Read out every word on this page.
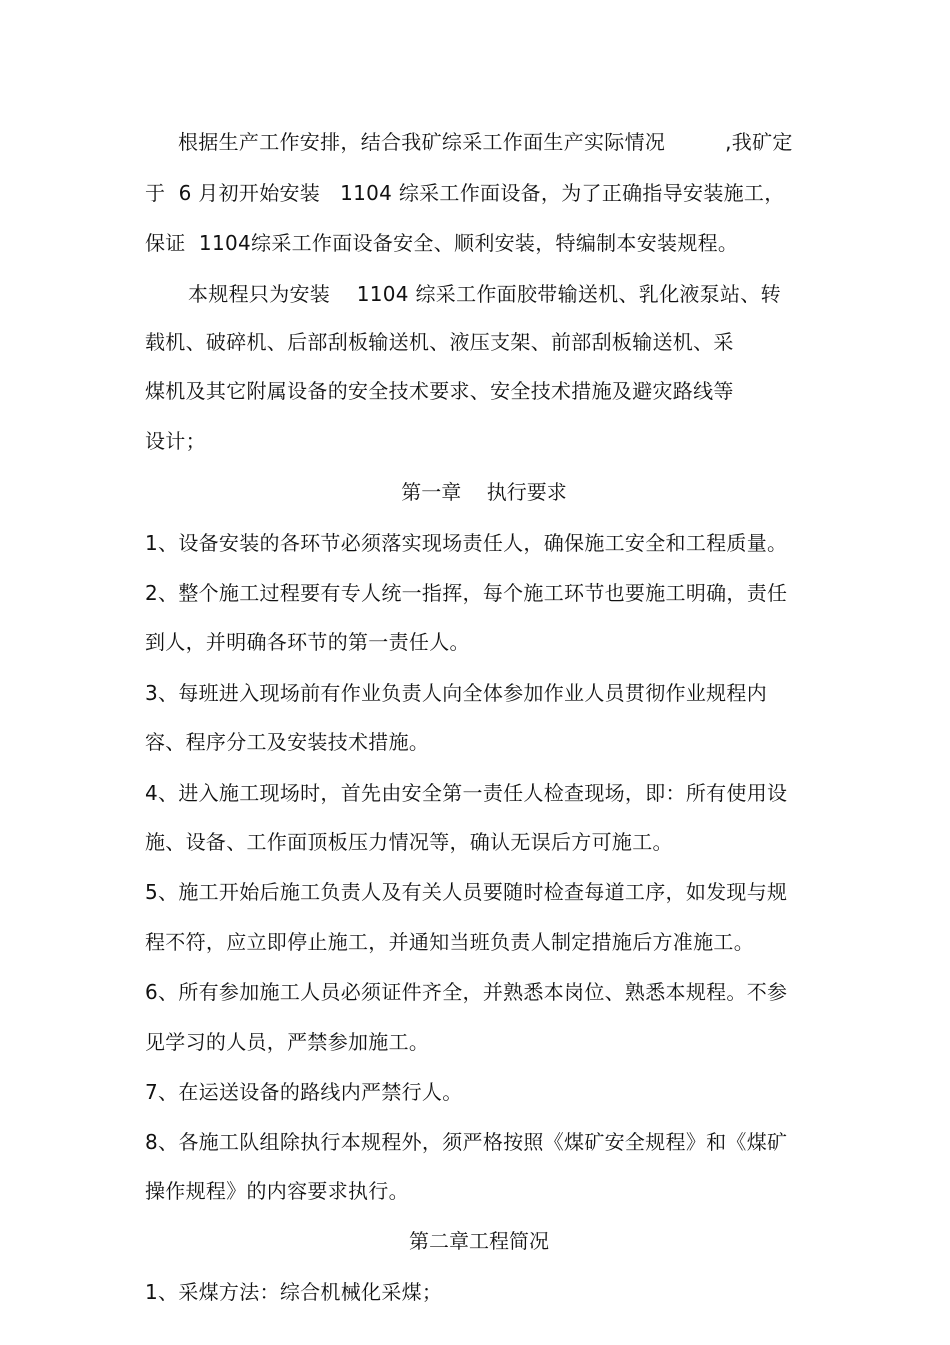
根据生产工作安排，结合我矿综采工作面生产实际情况         ,我矿定
于  6 月初开始安装   1104 综采工作面设备，为了正确指导安装施工，
保证  1104综采工作面设备安全、顺利安装，特编制本安装规程。
本规程只为安装    1104 综采工作面胶带输送机、乳化液泵站、转
载机、破碎机、后部刮板输送机、液压支架、前部刮板输送机、采
煤机及其它附属设备的安全技术要求、安全技术措施及避灾路线等
设计；
第一章    执行要求
1、设备安装的各环节必须落实现场责任人，确保施工安全和工程质量。
2、整个施工过程要有专人统一指挥，每个施工环节也要施工明确，责任
到人，并明确各环节的第一责任人。
3、每班进入现场前有作业负责人向全体参加作业人员贯彻作业规程内
容、程序分工及安装技术措施。
4、进入施工现场时，首先由安全第一责任人检查现场，即：所有使用设
施、设备、工作面顶板压力情况等，确认无误后方可施工。
5、施工开始后施工负责人及有关人员要随时检查每道工序，如发现与规
程不符，应立即停止施工，并通知当班负责人制定措施后方准施工。
6、所有参加施工人员必须证件齐全，并熟悉本岗位、熟悉本规程。不参
见学习的人员，严禁参加施工。
7、在运送设备的路线内严禁行人。
8、各施工队组除执行本规程外，须严格按照《煤矿安全规程》和《煤矿
操作规程》的内容要求执行。
第二章工程简况
1、采煤方法：综合机械化采煤；
